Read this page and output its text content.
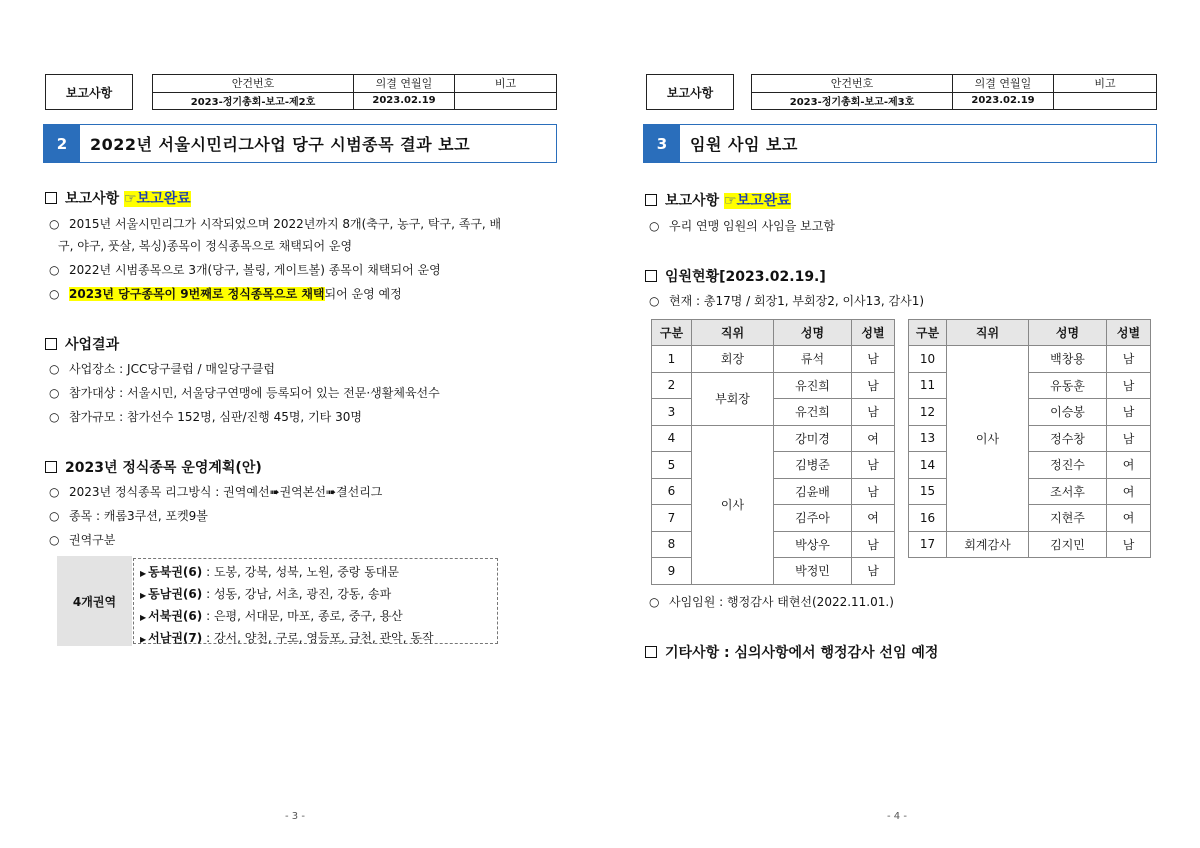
보고사항
안건번호	의결 연월일	비고
2023-정기총회-보고-제2호	2023.02.19	
2	2022년 서울시민리그사업 당구 시범종목 결과 보고
보고사항 ☞보고완료
○ 2015년 서울시민리그가 시작되었으며 2022년까지 8개(축구, 농구, 탁구, 족구, 배
구, 야구, 풋살, 복싱)종목이 정식종목으로 채택되어 운영
○ 2022년 시범종목으로 3개(당구, 볼링, 게이트볼) 종목이 채택되어 운영
○ 2023년 당구종목이 9번째로 정식종목으로 채택되어 운영 예정
사업결과
○ 사업장소 : JCC당구클럽 / 매일당구클럽
○ 참가대상 : 서울시민, 서울당구연맹에 등록되어 있는 전문·생활체육선수
○ 참가규모 : 참가선수 152명, 심판/진행 45명, 기타 30명
2023년 정식종목 운영계획(안)
○ 2023년 정식종목 리그방식 : 권역예선➠권역본선➠결선리그
○ 종목 : 캐롬3쿠션, 포켓9볼
○ 권역구분
4개권역
▶ 동북권(6) : 도봉, 강북, 성북, 노원, 중랑 동대문
▶ 동남권(6) : 성동, 강남, 서초, 광진, 강동, 송파
▶ 서북권(6) : 은평, 서대문, 마포, 종로, 중구, 용산
▶ 서남권(7) : 강서, 양천, 구로, 영등포, 금천, 관악, 동작
- 3 -
보고사항
안건번호	의결 연월일	비고
2023-정기총회-보고-제3호	2023.02.19	
3	임원 사임 보고
보고사항 ☞보고완료
○ 우리 연맹 임원의 사임을 보고함
임원현황[2023.02.19.]
○ 현재 : 총17명 / 회장1, 부회장2, 이사13, 감사1)
구분	직위	성명	성별
1	회장	류석	남
2	부회장	유진희	남
3		유건희	남
4	이사	강미경	여
5		김병준	남
6		김윤배	남
7		김주아	여
8		박상우	남
9		박정민	남
구분	직위	성명	성별
10	이사	백창용	남
11		유동훈	남
12		이승봉	남
13		정수창	남
14		정진수	여
15		조서후	여
16		지현주	여
17	회계감사	김지민	남
○ 사임임원 : 행정감사 태현선(2022.11.01.)
기타사항 : 심의사항에서 행정감사 선임 예정
- 4 -
